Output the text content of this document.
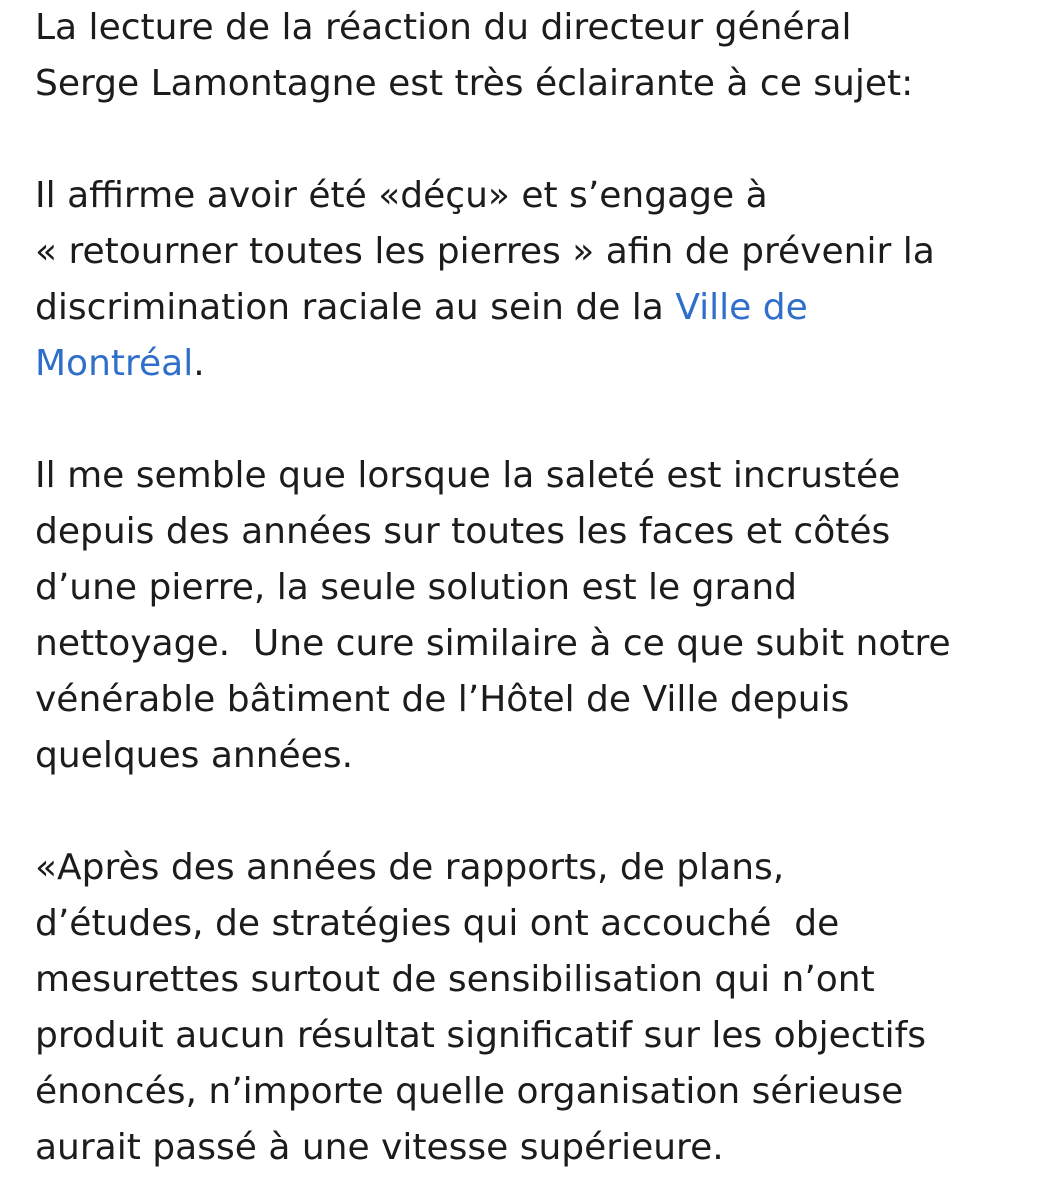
La lecture de la réaction du directeur général
Serge Lamontagne est très éclairante à ce sujet:

Il affirme avoir été «déçu» et s’engage à
« retourner toutes les pierres » afin de prévenir la
discrimination raciale au sein de la Ville de
Montréal.

Il me semble que lorsque la saleté est incrustée
depuis des années sur toutes les faces et côtés
d’une pierre, la seule solution est le grand
nettoyage.  Une cure similaire à ce que subit notre
vénérable bâtiment de l’Hôtel de Ville depuis
quelques années.

«Après des années de rapports, de plans,
d’études, de stratégies qui ont accouché  de
mesurettes surtout de sensibilisation qui n’ont
produit aucun résultat significatif sur les objectifs
énoncés, n’importe quelle organisation sérieuse
aurait passé à une vitesse supérieure.
